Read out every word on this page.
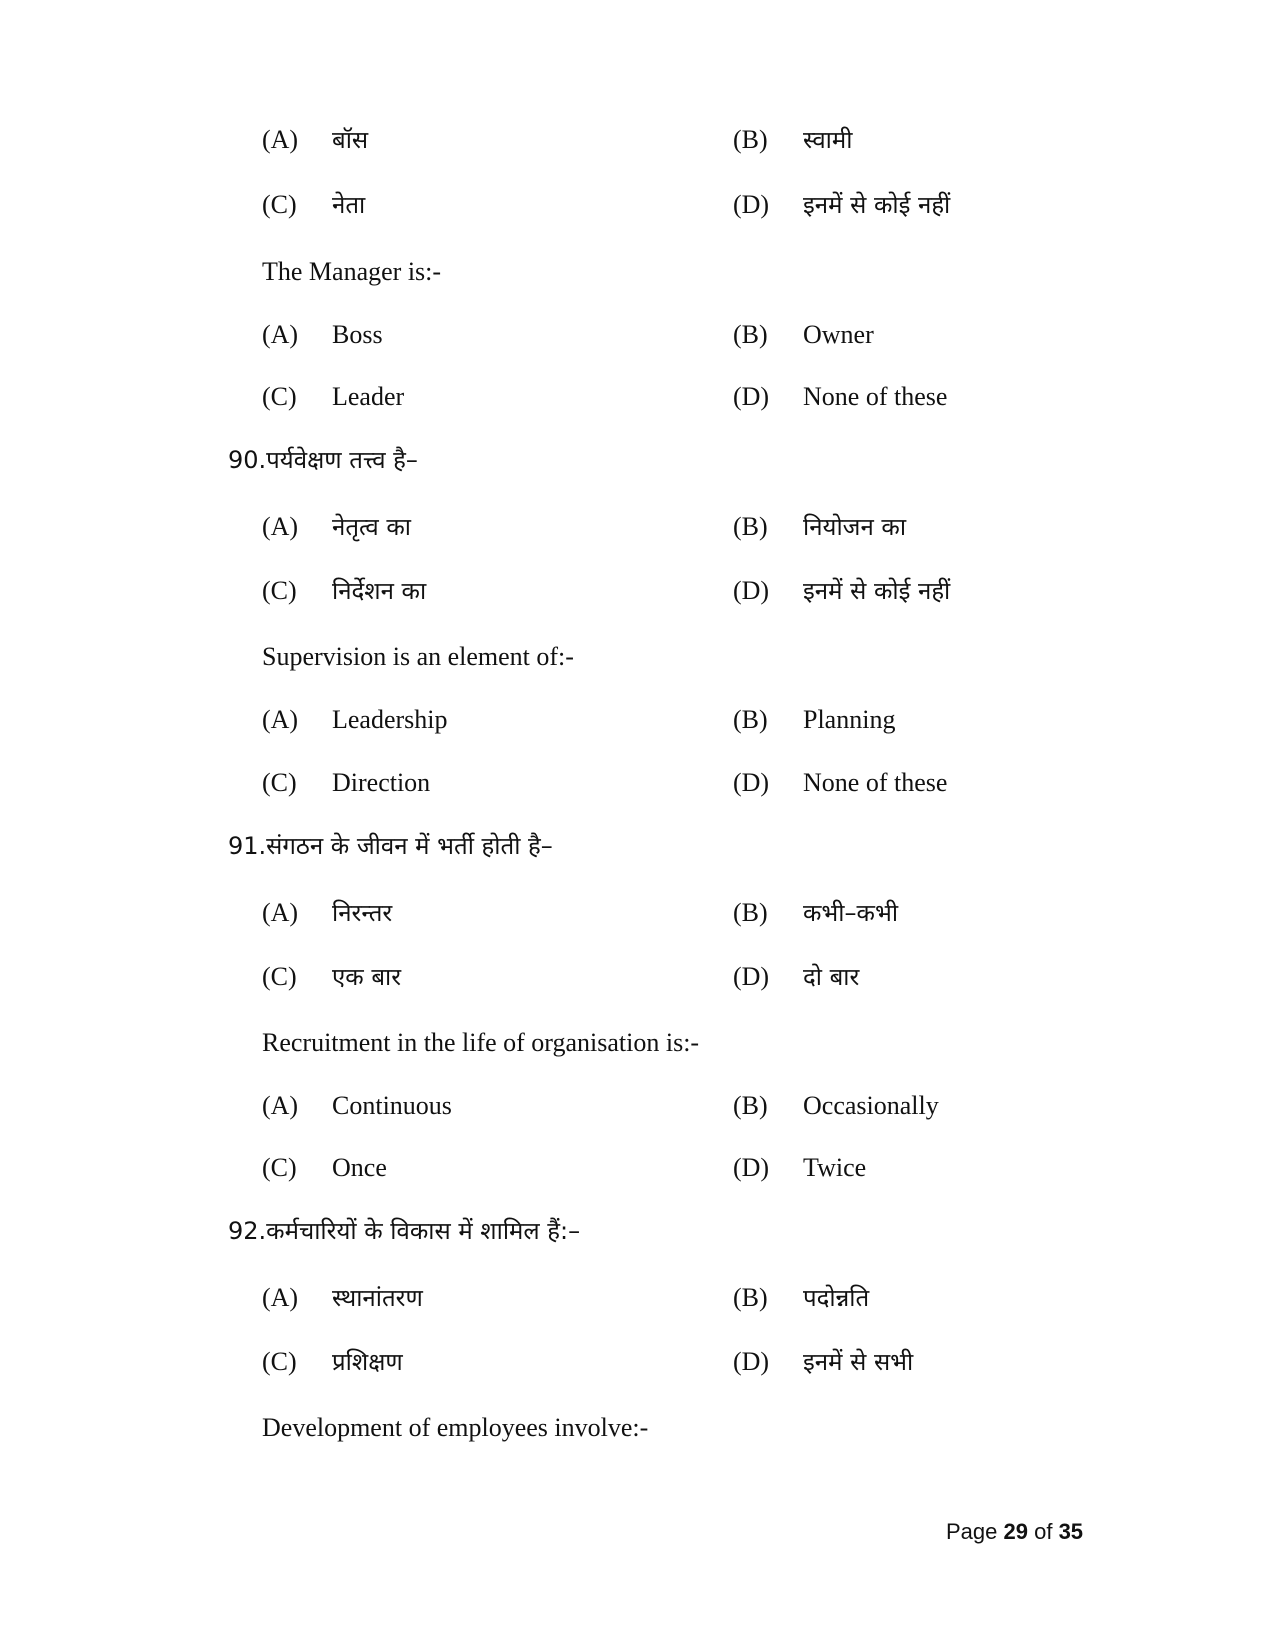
(A) बॉस	(B) स्वामी
(C) नेता	(D) इनमें से कोई नहीं
The Manager is:-
(A) Boss	(B) Owner
(C) Leader	(D) None of these
90.पर्यवेक्षण तत्त्व है–
(A) नेतृत्व का	(B) नियोजन का
(C) निर्देशन का	(D) इनमें से कोई नहीं
Supervision is an element of:-
(A) Leadership	(B) Planning
(C) Direction	(D) None of these
91.संगठन के जीवन में भर्ती होती है–
(A) निरन्तर	(B) कभी–कभी
(C) एक बार	(D) दो बार
Recruitment in the life of organisation is:-
(A) Continuous	(B) Occasionally
(C) Once	(D) Twice
92.कर्मचारियों के विकास में शामिल हैं:–
(A) स्थानांतरण	(B) पदोन्नति
(C) प्रशिक्षण	(D) इनमें से सभी
Development of employees involve:-
Page 29 of 35
